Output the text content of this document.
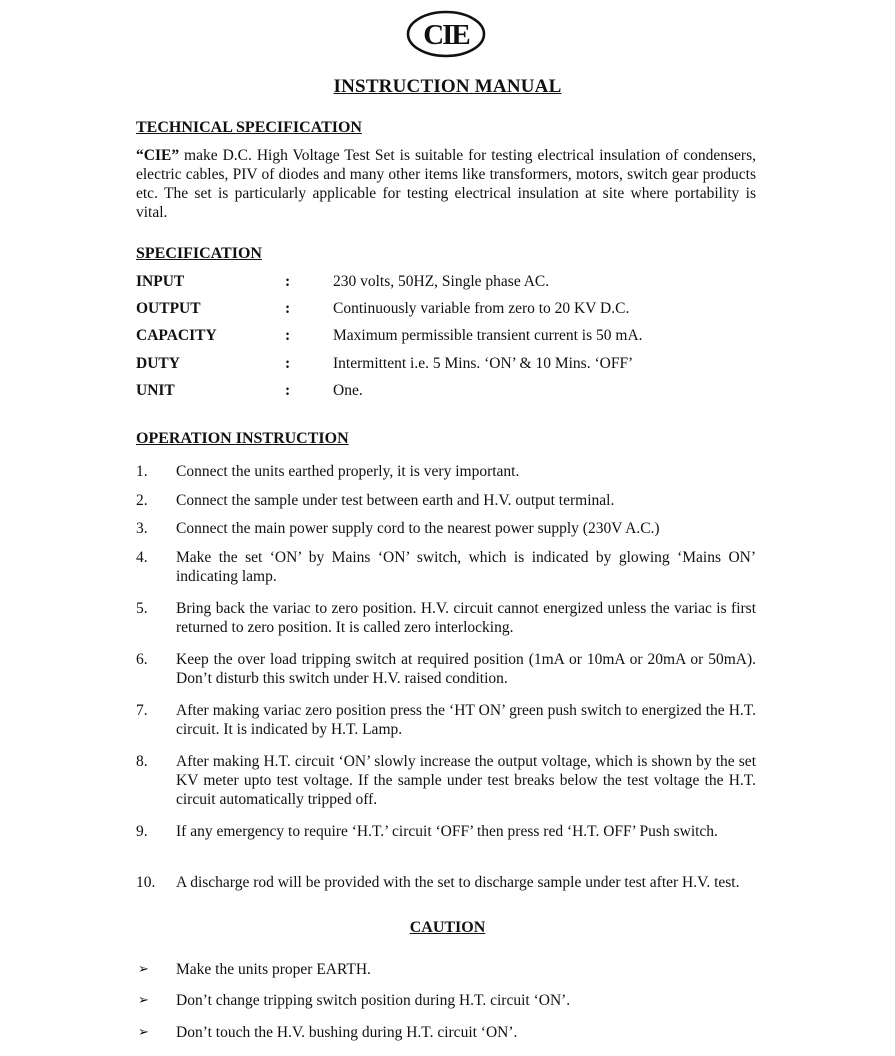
CIE
INSTRUCTION MANUAL
TECHNICAL SPECIFICATION
“CIE” make D.C. High Voltage Test Set is suitable for testing electrical insulation of condensers, electric cables, PIV of diodes and many other items like transformers, motors, switch gear products etc. The set is particularly applicable for testing electrical insulation at site where portability is vital.
SPECIFICATION
INPUT	:	230 volts, 50HZ, Single phase AC.
OUTPUT	:	Continuously variable from zero to 20 KV D.C.
CAPACITY	:	Maximum permissible transient current is 50 mA.
DUTY	:	Intermittent i.e. 5 Mins. ‘ON’ & 10 Mins. ‘OFF’
UNIT	:	One.
OPERATION INSTRUCTION
1. Connect the units earthed properly, it is very important.
2. Connect the sample under test between earth and H.V. output terminal.
3. Connect the main power supply cord to the nearest power supply (230V A.C.)
4. Make the set ‘ON’ by Mains ‘ON’ switch, which is indicated by glowing ‘Mains ON’ indicating lamp.
5. Bring back the variac to zero position. H.V. circuit cannot energized unless the variac is first returned to zero position. It is called zero interlocking.
6. Keep the over load tripping switch at required position (1mA or 10mA or 20mA or 50mA). Don’t disturb this switch under H.V. raised condition.
7. After making variac zero position press the ‘HT ON’ green push switch to energized the H.T. circuit. It is indicated by H.T. Lamp.
8. After making H.T. circuit ‘ON’ slowly increase the output voltage, which is shown by the set KV meter upto test voltage. If the sample under test breaks below the test voltage the H.T. circuit automatically tripped off.
9. If any emergency to require ‘H.T.’ circuit ‘OFF’ then press red ‘H.T. OFF’ Push switch.
10. A discharge rod will be provided with the set to discharge sample under test after H.V. test.
CAUTION
➢ Make the units proper EARTH.
➢ Don’t change tripping switch position during H.T. circuit ‘ON’.
➢ Don’t touch the H.V. bushing during H.T. circuit ‘ON’.
